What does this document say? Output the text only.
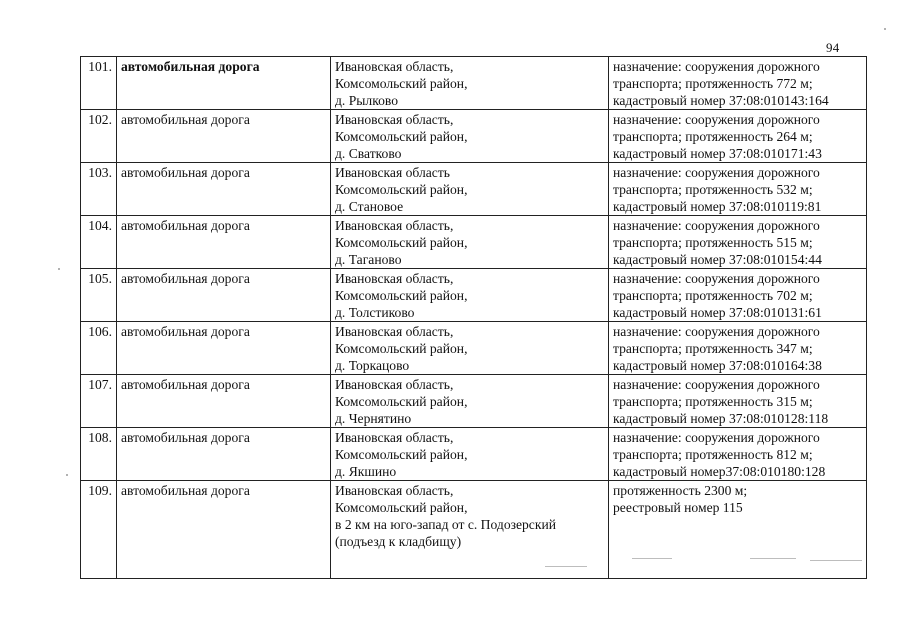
94
101.	автомобильная дорога	Ивановская область,
Комсомольский район,
д. Рылково	назначение: сооружения дорожного
транспорта; протяженность 772 м;
кадастровый номер 37:08:010143:164

102.	автомобильная дорога	Ивановская область,
Комсомольский район,
д. Сватково	назначение: сооружения дорожного
транспорта; протяженность 264 м;
кадастровый номер 37:08:010171:43

103.	автомобильная дорога	Ивановская область
Комсомольский район,
д. Становое	назначение: сооружения дорожного
транспорта; протяженность 532 м;
кадастровый номер 37:08:010119:81

104.	автомобильная дорога	Ивановская область,
Комсомольский район,
д. Таганово	назначение: сооружения дорожного
транспорта; протяженность 515 м;
кадастровый номер 37:08:010154:44

105.	автомобильная дорога	Ивановская область,
Комсомольский район,
д. Толстиково	назначение: сооружения дорожного
транспорта; протяженность 702 м;
кадастровый номер 37:08:010131:61

106.	автомобильная дорога	Ивановская область,
Комсомольский район,
д. Торкацово	назначение: сооружения дорожного
транспорта; протяженность 347 м;
кадастровый номер 37:08:010164:38

107.	автомобильная дорога	Ивановская область,
Комсомольский район,
д. Чернятино	назначение: сооружения дорожного
транспорта; протяженность 315 м;
кадастровый номер 37:08:010128:118

108.	автомобильная дорога	Ивановская область,
Комсомольский район,
д. Якшино	назначение: сооружения дорожного
транспорта; протяженность 812 м;
кадастровый номер37:08:010180:128

109.	автомобильная дорога	Ивановская область,
Комсомольский район,
в 2 км на юго-запад от с. Подозерский
(подъезд к кладбищу)	протяженность 2300 м;
реестровый номер 115
